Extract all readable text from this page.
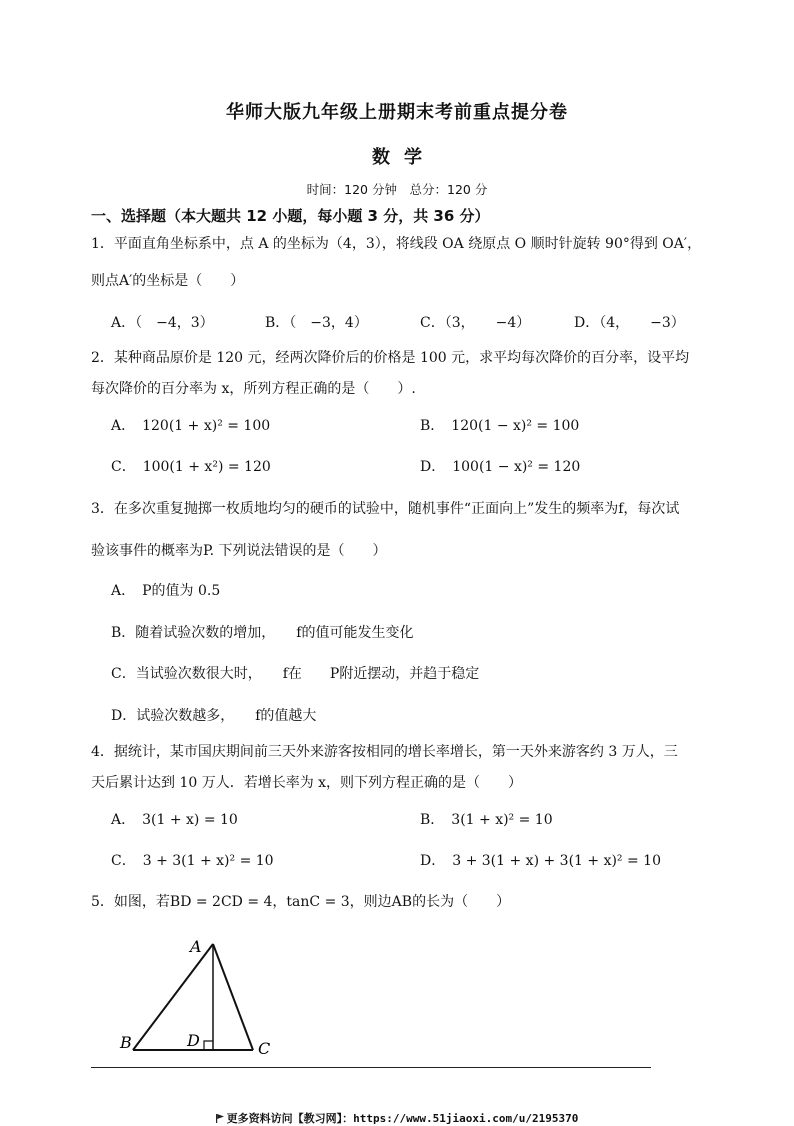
华师大版九年级上册期末考前重点提分卷
数学
时间：120 分钟　总分：120 分
一、选择题（本大题共 12 小题，每小题 3 分，共 36 分）
1．平面直角坐标系中，点 A 的坐标为（4，3），将线段 OA 绕原点 O 顺时针旋转 90°得到 OA′，
则点A′的坐标是（　　）
A．（　−4，3）	B．（　−3，4）	C．（3，　　−4）	D．（4，　　−3）
2．某种商品原价是 120 元，经两次降价后的价格是 100 元，求平均每次降价的百分率，设平均
每次降价的百分率为 x，所列方程正确的是（　　）.
A．　120(1 + x)² = 100	B．　120(1 − x)² = 100
C．　100(1 + x²) = 120	D．　100(1 − x)² = 120
3．在多次重复抛掷一枚质地均匀的硬币的试验中，随机事件“正面向上”发生的频率为f，每次试
验该事件的概率为P. 下列说法错误的是（　　）
A．　P的值为 0.5
B．随着试验次数的增加，　　f的值可能发生变化
C．当试验次数很大时，　　f在　　P附近摆动，并趋于稳定
D．试验次数越多，　　f的值越大
4．据统计，某市国庆期间前三天外来游客按相同的增长率增长，第一天外来游客约 3 万人，三
天后累计达到 10 万人．若增长率为 x，则下列方程正确的是（　　）
A．　3(1 + x) = 10	B．　3(1 + x)² = 10
C．　3 + 3(1 + x)² = 10	D．　3 + 3(1 + x) + 3(1 + x)² = 10
5．如图，若BD = 2CD = 4，tanC = 3，则边AB的长为（　　）
A
B	C
D
更多资料访问【教习网】：https://www.51jiaoxi.com/u/2195370
